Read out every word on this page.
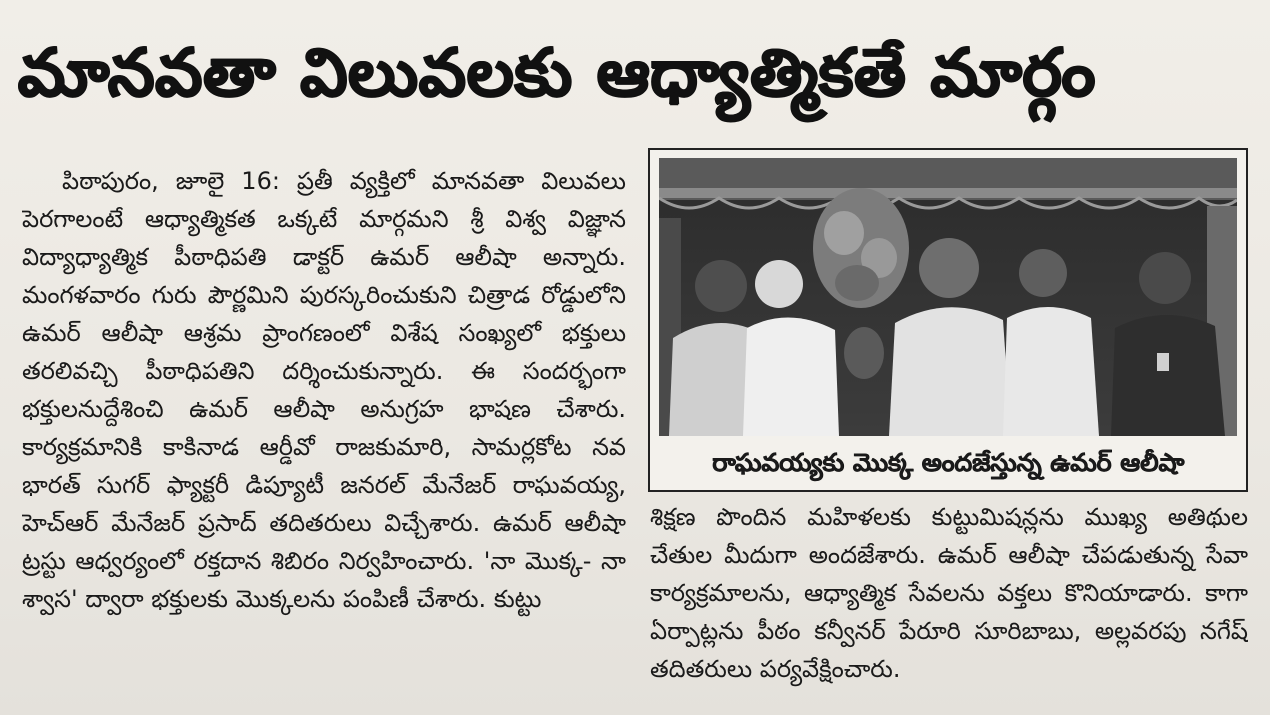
మానవతా విలువలకు ఆధ్యాత్మికతే మార్గం

పిఠాపురం, జూలై 16: ప్రతీ వ్యక్తిలో మానవతా విలువలు పెరగాలంటే ఆధ్యాత్మికత ఒక్కటే మార్గమని శ్రీ విశ్వ విజ్ఞాన విద్యాధ్యాత్మిక పీఠాధిపతి డాక్టర్ ఉమర్ ఆలీషా అన్నారు. మంగళవారం గురు పౌర్ణమిని పురస్కరించుకుని చిత్రాడ రోడ్డులోని ఉమర్ ఆలీషా ఆశ్రమ ప్రాంగణంలో విశేష సంఖ్యలో భక్తులు తరలివచ్చి పీఠాధిపతిని దర్శించుకున్నారు. ఈ సందర్భంగా భక్తులనుద్దేశించి ఉమర్ ఆలీషా అనుగ్రహ భాషణ చేశారు. కార్యక్రమానికి కాకినాడ ఆర్డీవో రాజకుమారి, సామర్లకోట నవ భారత్ సుగర్ ఫ్యాక్టరీ డిప్యూటీ జనరల్ మేనేజర్ రాఘవయ్య, హెచ్ఆర్ మేనేజర్ ప్రసాద్ తదితరులు విచ్చేశారు. ఉమర్ ఆలీషా ట్రస్టు ఆధ్వర్యంలో రక్తదాన శిబిరం నిర్వహించారు. 'నా మొక్క- నా శ్వాస' ద్వారా భక్తులకు మొక్కలను పంపిణీ చేశారు. కుట్టు

రాఘవయ్యకు మొక్క అందజేస్తున్న ఉమర్ ఆలీషా

శిక్షణ పొందిన మహిళలకు కుట్టుమిషన్లను ముఖ్య అతిథుల చేతుల మీదుగా అందజేశారు. ఉమర్ ఆలీషా చేపడుతున్న సేవా కార్యక్రమాలను, ఆధ్యాత్మిక సేవలను వక్తలు కొనియాడారు. కాగా ఏర్పాట్లను పీఠం కన్వీనర్ పేరూరి సూరిబాబు, అల్లవరపు నగేష్ తదితరులు పర్యవేక్షించారు.
